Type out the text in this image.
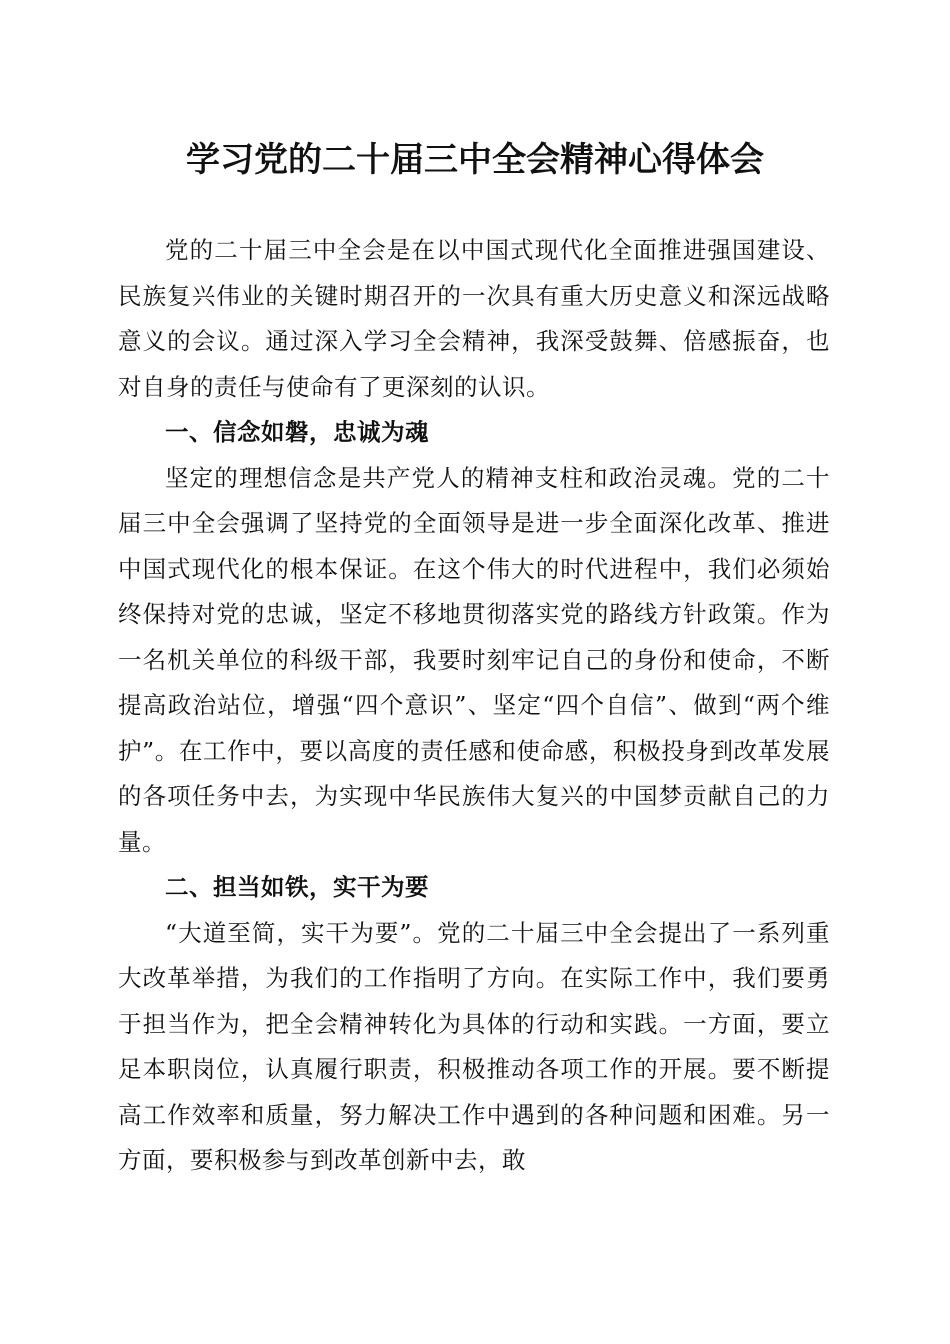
学习党的二十届三中全会精神心得体会

党的二十届三中全会是在以中国式现代化全面推进强国建设、民族复兴伟业的关键时期召开的一次具有重大历史意义和深远战略意义的会议。通过深入学习全会精神，我深受鼓舞、倍感振奋，也对自身的责任与使命有了更深刻的认识。

一、信念如磐，忠诚为魂

坚定的理想信念是共产党人的精神支柱和政治灵魂。党的二十届三中全会强调了坚持党的全面领导是进一步全面深化改革、推进中国式现代化的根本保证。在这个伟大的时代进程中，我们必须始终保持对党的忠诚，坚定不移地贯彻落实党的路线方针政策。作为一名机关单位的科级干部，我要时刻牢记自己的身份和使命，不断提高政治站位，增强“四个意识”、坚定“四个自信”、做到“两个维护”。在工作中，要以高度的责任感和使命感，积极投身到改革发展的各项任务中去，为实现中华民族伟大复兴的中国梦贡献自己的力量。

二、担当如铁，实干为要

“大道至简，实干为要”。党的二十届三中全会提出了一系列重大改革举措，为我们的工作指明了方向。在实际工作中，我们要勇于担当作为，把全会精神转化为具体的行动和实践。一方面，要立足本职岗位，认真履行职责，积极推动各项工作的开展。要不断提高工作效率和质量，努力解决工作中遇到的各种问题和困难。另一方面，要积极参与到改革创新中去，敢
